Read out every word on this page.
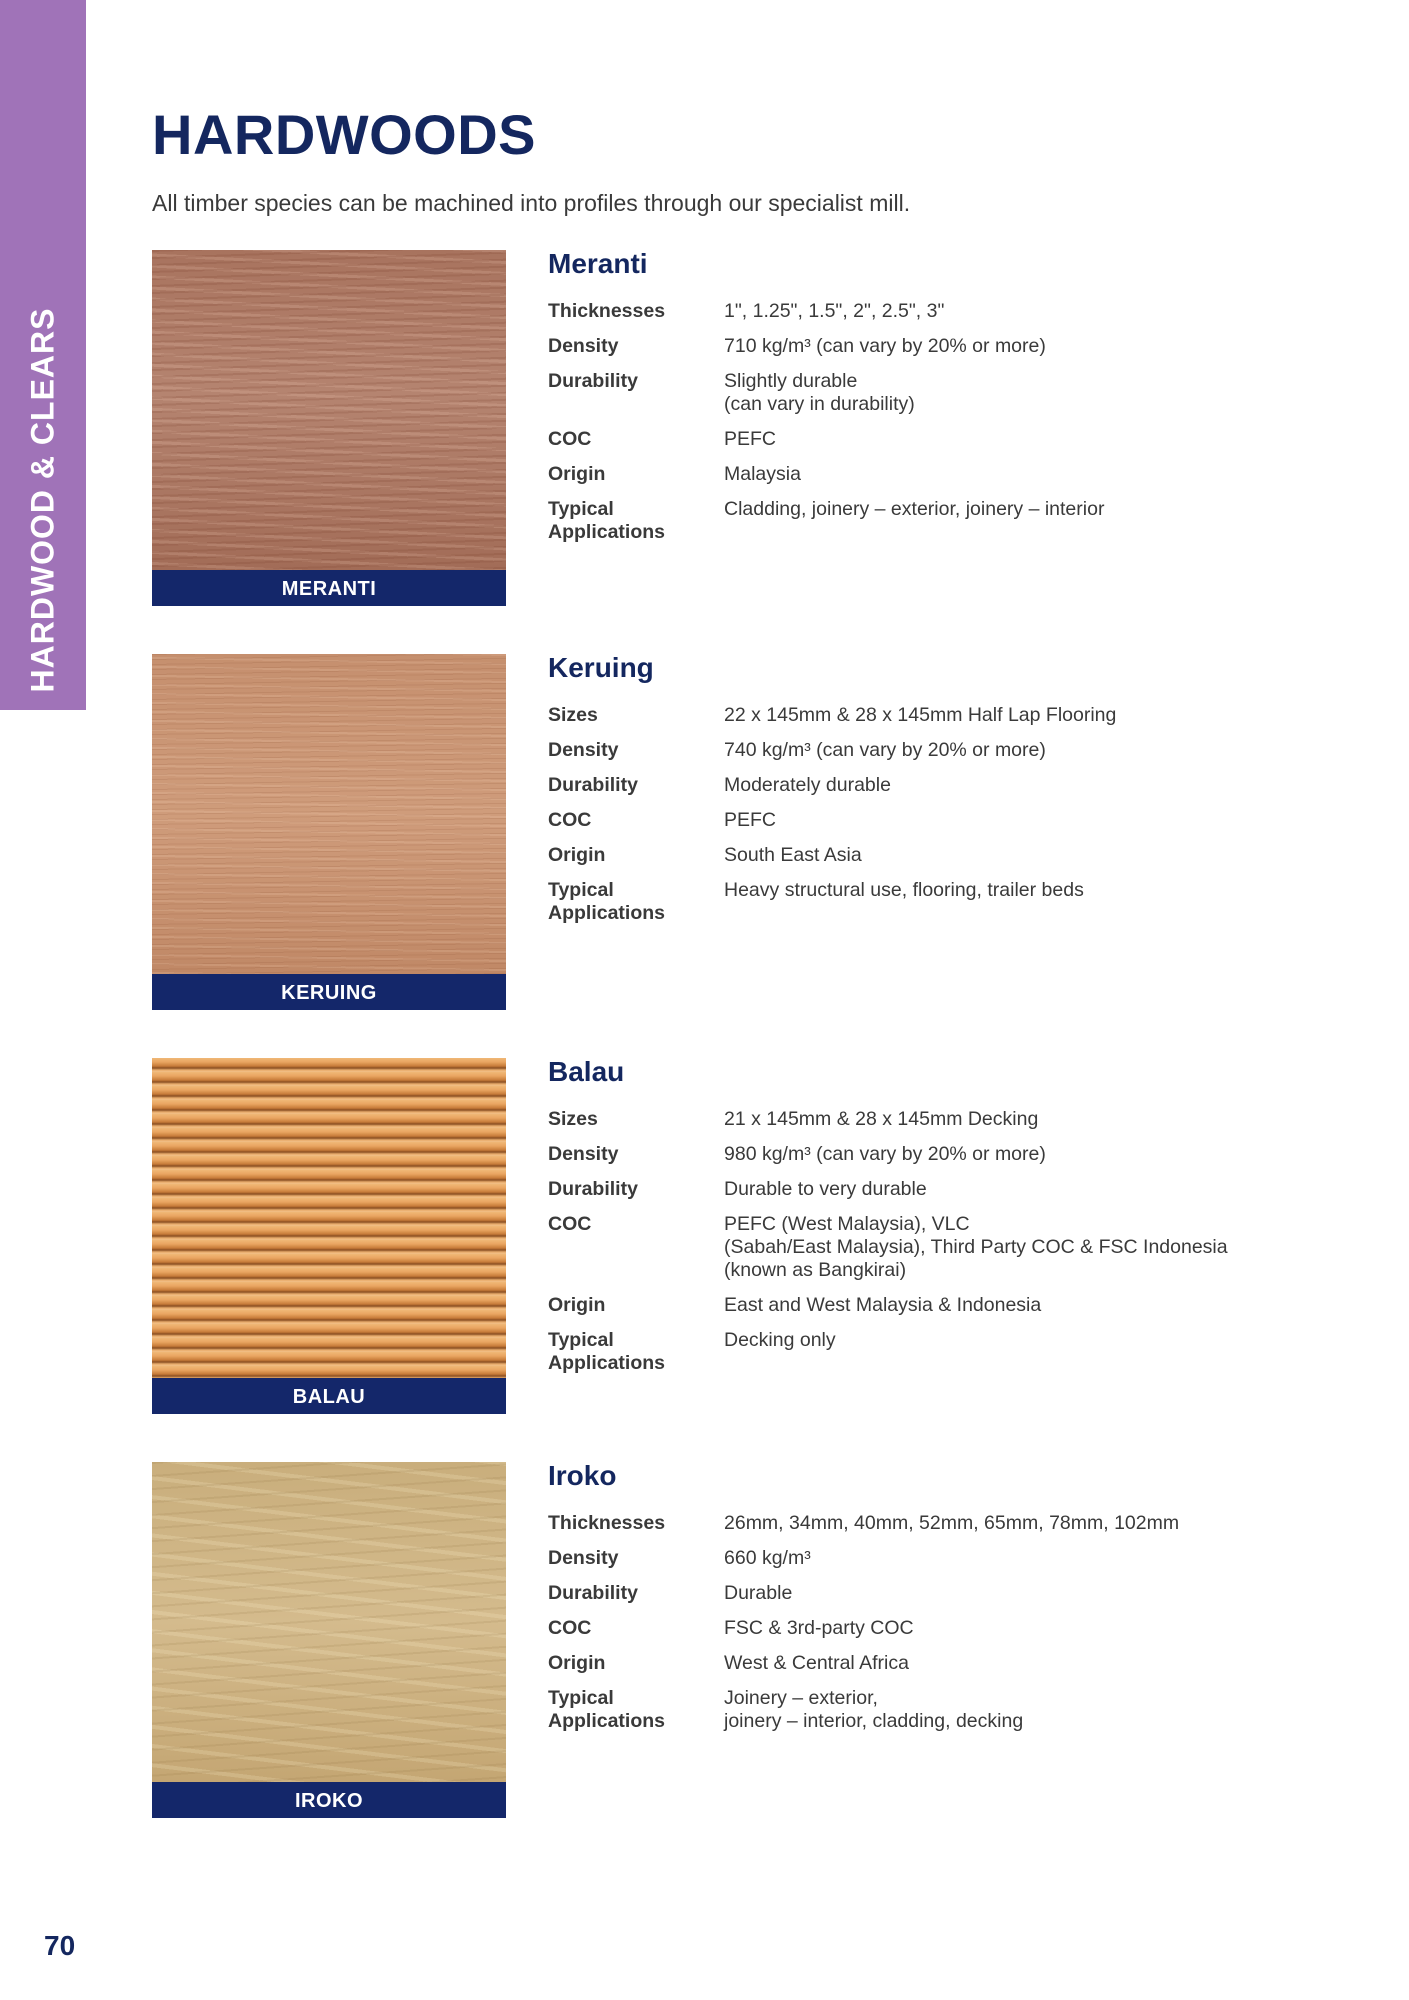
HARDWOOD & CLEARS
HARDWOODS
All timber species can be machined into profiles through our specialist mill.
MERANTI
Meranti
Thicknesses	1", 1.25", 1.5", 2", 2.5", 3"
Density	710 kg/m³ (can vary by 20% or more)
Durability	Slightly durable
(can vary in durability)
COC	PEFC
Origin	Malaysia
Typical
Applications	Cladding, joinery – exterior, joinery – interior
KERUING
Keruing
Sizes	22 x 145mm & 28 x 145mm Half Lap Flooring
Density	740 kg/m³ (can vary by 20% or more)
Durability	Moderately durable
COC	PEFC
Origin	South East Asia
Typical
Applications	Heavy structural use, flooring, trailer beds
BALAU
Balau
Sizes	21 x 145mm & 28 x 145mm Decking
Density	980 kg/m³ (can vary by 20% or more)
Durability	Durable to very durable
COC	PEFC (West Malaysia), VLC
(Sabah/East Malaysia), Third Party COC & FSC Indonesia
(known as Bangkirai)
Origin	East and West Malaysia & Indonesia
Typical
Applications	Decking only
IROKO
Iroko
Thicknesses	26mm, 34mm, 40mm, 52mm, 65mm, 78mm, 102mm
Density	660 kg/m³
Durability	Durable
COC	FSC & 3rd-party COC
Origin	West & Central Africa
Typical
Applications	Joinery – exterior,
joinery – interior, cladding, decking
70
